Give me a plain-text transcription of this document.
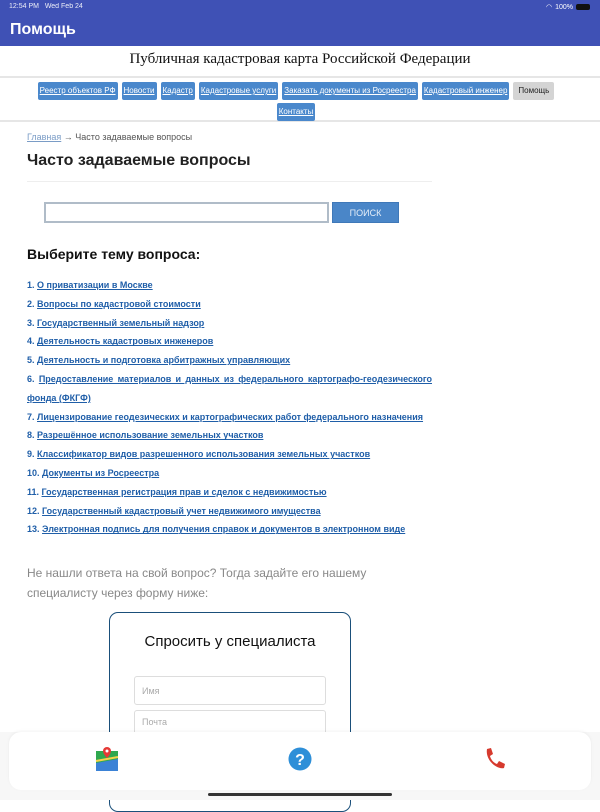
12:54 PM Wed Feb 24	◠ 100%
Помощь
Публичная кадастровая карта Российской Федерации
Реестр объектов РФ Новости Кадастр Кадастровые услуги Заказать документы из Росреестра Кадастровый инженер	Помощь
Контакты
Главная → Часто задаваемые вопросы
Часто задаваемые вопросы
ПОИСК
Выберите тему вопроса:
1. О приватизации в Москве
2. Вопросы по кадастровой стоимости
3. Государственный земельный надзор
4. Деятельность кадастровых инженеров
5. Деятельность и подготовка арбитражных управляющих
6. Предоставление материалов и данных из федерального картографо-геодезического фонда (ФКГФ)
7. Лицензирование геодезических и картографических работ федерального назначения
8. Разрешённое использование земельных участков
9. Классификатор видов разрешенного использования земельных участков
10. Документы из Росреестра
11. Государственная регистрация прав и сделок с недвижимостью
12. Государственный кадастровый учет недвижимого имущества
13. Электронная подпись для получения справок и документов в электронном виде
Не нашли ответа на свой вопрос? Тогда задайте его нашему специалисту через форму ниже:
Спросить у специалиста
Имя
Почта
?
